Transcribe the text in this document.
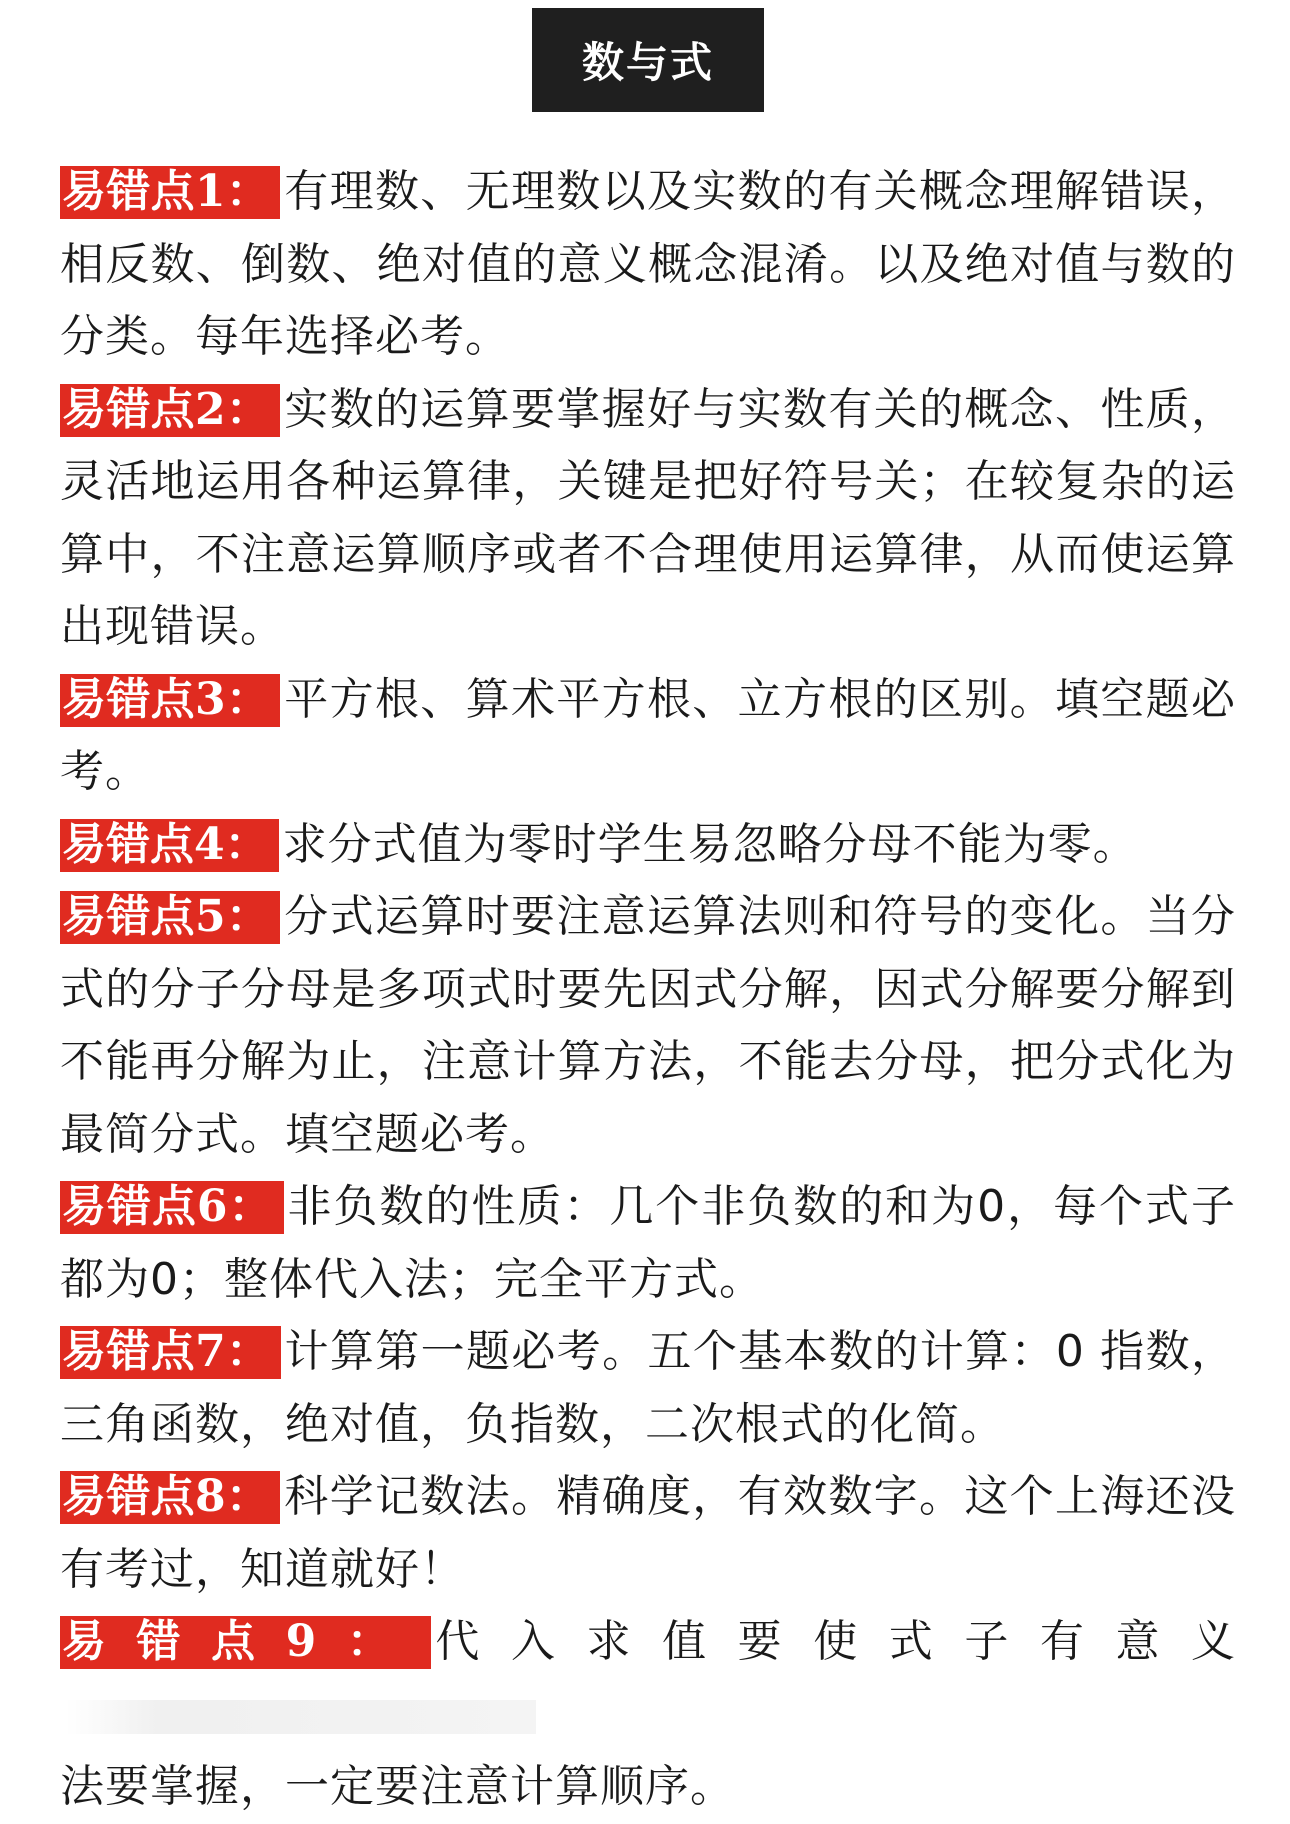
数与式
易错点1： 有理数、无理数以及实数的有关概念理解错误，相反数、倒数、绝对值的意义概念混淆。以及绝对值与数的分类。每年选择必考。
易错点2： 实数的运算要掌握好与实数有关的概念、性质，灵活地运用各种运算律，关键是把好符号关；在较复杂的运算中，不注意运算顺序或者不合理使用运算律，从而使运算出现错误。
易错点3： 平方根、算术平方根、立方根的区别。填空题必考。
易错点4： 求分式值为零时学生易忽略分母不能为零。
易错点5： 分式运算时要注意运算法则和符号的变化。当分式的分子分母是多项式时要先因式分解，因式分解要分解到不能再分解为止，注意计算方法，不能去分母，把分式化为最简分式。填空题必考。
易错点6： 非负数的性质：几个非负数的和为0，每个式子都为0；整体代入法；完全平方式。
易错点7： 计算第一题必考。五个基本数的计算：0 指数，三角函数，绝对值，负指数，二次根式的化简。
易错点8： 科学记数法。精确度，有效数字。这个上海还没有考过，知道就好！
易错点9： 代入求值要使式子有意义
法要掌握，一定要注意计算顺序。
